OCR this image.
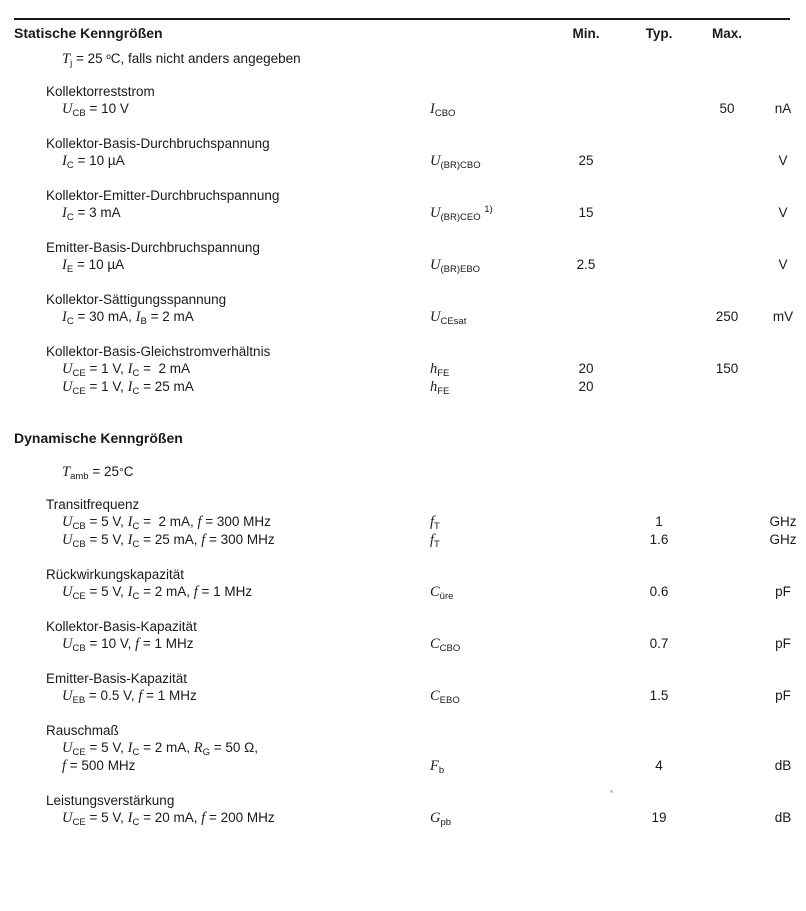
Statische Kenngrößen		Min.	Typ.	Max.	
$T_j = 25$ ºC, falls nicht anders angegeben					

Kollektorreststrom					
$U_{CB} = 10$ V	$I_{CBO}$			50	nA

Kollektor-Basis-Durchbruchspannung					
$I_C = 10$ µA	$U_{(BR)CBO}$	25			V

Kollektor-Emitter-Durchbruchspannung					
$I_C = 3$ mA	$U_{(BR)CEO}$ $^{1)}$	15			V

Emitter-Basis-Durchbruchspannung					
$I_E = 10$ µA	$U_{(BR)EBO}$	2.5			V

Kollektor-Sättigungsspannung					
$I_C = 30$ mA, $I_B = 2$ mA	$U_{CEsat}$			250	mV

Kollektor-Basis-Gleichstromverhältnis					
$U_{CE} = 1$ V, $I_C = 2$ mA	$h_{FE}$	20		150	
$U_{CE} = 1$ V, $I_C = 25$ mA	$h_{FE}$	20			

Dynamische Kenngrößen					

$T_{amb} = 25^\circ C$					

Transitfrequenz					
$U_{CB} = 5$ V, $I_C = 2$ mA, f = 300 MHz	$f_T$		1		GHz
$U_{CB} = 5$ V, $I_C = 25$ mA, f = 300 MHz	$f_T$		1.6		GHz

Rückwirkungskapazität					
$U_{CE} = 5$ V, $I_C = 2$ mA, f = 1 MHz	$C_{üre}$		0.6		pF

Kollektor-Basis-Kapazität					
$U_{CB} = 10$ V, f = 1 MHz	$C_{CBO}$		0.7		pF

Emitter-Basis-Kapazität					
$U_{EB} = 0.5$ V, f = 1 MHz	$C_{EBO}$		1.5		pF

Rauschmaß					
$U_{CE} = 5$ V, $I_C = 2$ mA, $R_G = 50$ Ω,					
f = 500 MHz	$F_b$		4		dB

Leistungsverstärkung					
$U_{CE} = 5$ V, $I_C = 20$ mA, f = 200 MHz	$G_{pb}$		19		dB
